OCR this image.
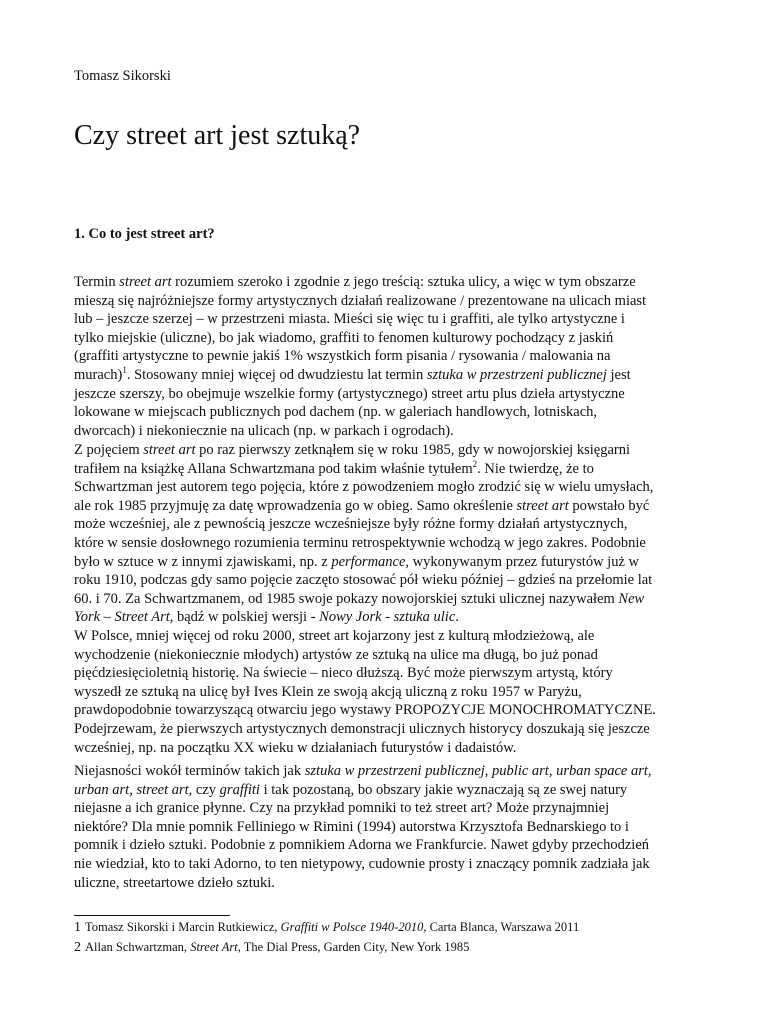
Tomasz Sikorski
Czy street art jest sztuką?
1. Co to jest street art?

Termin street art rozumiem szeroko i zgodnie z jego treścią: sztuka ulicy, a więc w tym obszarze
mieszą się najróżniejsze formy artystycznych działań realizowane / prezentowane na ulicach miast
lub – jeszcze szerzej – w przestrzeni miasta. Mieści się więc tu i graffiti, ale tylko artystyczne i
tylko miejskie (uliczne), bo jak wiadomo, graffiti to fenomen kulturowy pochodzący z jaskiń
(graffiti artystyczne to pewnie jakiś 1% wszystkich form pisania / rysowania / malowania na
murach)$^1$. Stosowany mniej więcej od dwudziestu lat termin sztuka w przestrzeni publicznej jest
jeszcze szerszy, bo obejmuje wszelkie formy (artystycznego) street artu plus dzieła artystyczne
lokowane w miejscach publicznych pod dachem (np. w galeriach handlowych, lotniskach,
dworcach) i niekoniecznie na ulicach (np. w parkach i ogrodach).

Z pojęciem street art po raz pierwszy zetknąłem się w roku 1985, gdy w nowojorskiej księgarni
trafiłem na książkę Allana Schwartzmana pod takim właśnie tytułem$^2$. Nie twierdzę, że to
Schwartzman jest autorem tego pojęcia, które z powodzeniem mogło zrodzić się w wielu umysłach,
ale rok 1985 przyjmuję za datę wprowadzenia go w obieg. Samo określenie street art powstało być
może wcześniej, ale z pewnością jeszcze wcześniejsze były różne formy działań artystycznych,
które w sensie dosłownego rozumienia terminu retrospektywnie wchodzą w jego zakres. Podobnie
było w sztuce w z innymi zjawiskami, np. z performance, wykonywanym przez futurystów już w
roku 1910, podczas gdy samo pojęcie zaczęto stosować pół wieku później – gdzieś na przełomie lat
60. i 70. Za Schwartzmanem, od 1985 swoje pokazy nowojorskiej sztuki ulicznej nazywałem New
York – Street Art, bądź w polskiej wersji - Nowy Jork - sztuka ulic.

W Polsce, mniej więcej od roku 2000, street art kojarzony jest z kulturą młodzieżową, ale
wychodzenie (niekoniecznie młodych) artystów ze sztuką na ulice ma długą, bo już ponad
pięćdziesięcioletnią historię. Na świecie – nieco dłuższą. Być może pierwszym artystą, który
wyszedł ze sztuką na ulicę był Ives Klein ze swoją akcją uliczną z roku 1957 w Paryżu,
prawdopodobnie towarzyszącą otwarciu jego wystawy PROPOZYCJE MONOCHROMATYCZNE.
Podejrzewam, że pierwszych artystycznych demonstracji ulicznych historycy doszukają się jeszcze
wcześniej, np. na początku XX wieku w działaniach futurystów i dadaistów.

Niejasności wokół terminów takich jak sztuka w przestrzeni publicznej, public art, urban space art,
urban art, street art, czy graffiti i tak pozostaną, bo obszary jakie wyznaczają są ze swej natury
niejasne a ich granice płynne. Czy na przykład pomniki to też street art? Może przynajmniej
niektóre? Dla mnie pomnik Felliniego w Rimini (1994) autorstwa Krzysztofa Bednarskiego to i
pomnik i dzieło sztuki. Podobnie z pomnikiem Adorna we Frankfurcie. Nawet gdyby przechodzień
nie wiedział, kto to taki Adorno, to ten nietypowy, cudownie prosty i znaczący pomnik zadziała jak
uliczne, streetartowe dzieło sztuki.

1 Tomasz Sikorski i Marcin Rutkiewicz, Graffiti w Polsce 1940-2010, Carta Blanca, Warszawa 2011
2 Allan Schwartzman, Street Art, The Dial Press, Garden City, New York 1985
